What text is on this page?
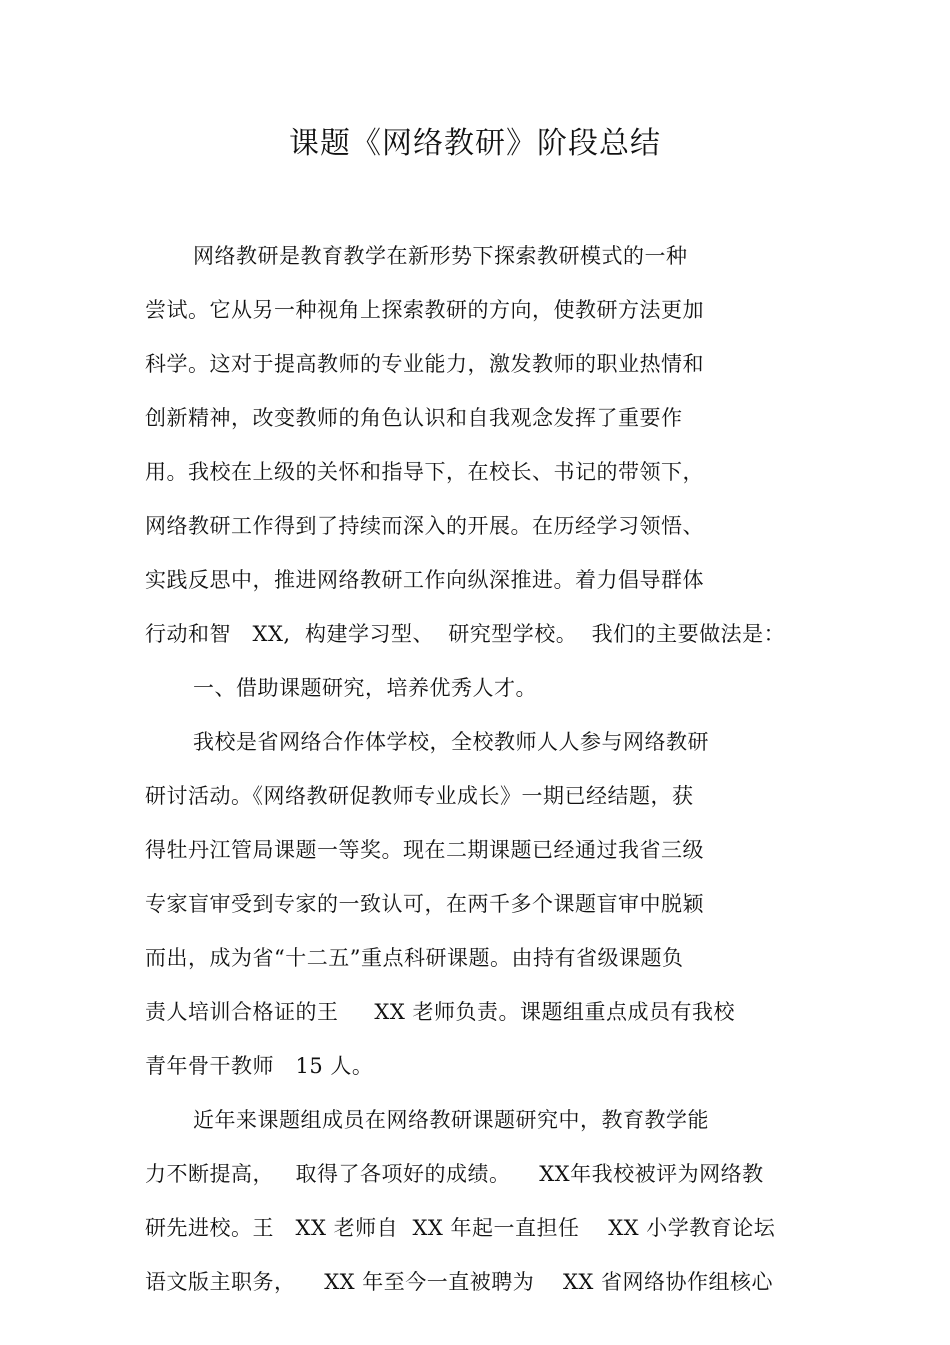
课题《网络教研》阶段总结
网络教研是教育教学在新形势下探索教研模式的一种
尝试。它从另一种视角上探索教研的方向，使教研方法更加
科学。这对于提高教师的专业能力，激发教师的职业热情和
创新精神，改变教师的角色认识和自我观念发挥了重要作
用。我校在上级的关怀和指导下，在校长、书记的带领下，
网络教研工作得到了持续而深入的开展。在历经学习领悟、
实践反思中，推进网络教研工作向纵深推进。着力倡导群体
行动和智   XX,  构建学习型、  研究型学校。  我们的主要做法是：
一、借助课题研究，培养优秀人才。
我校是省网络合作体学校，全校教师人人参与网络教研
研讨活动。《网络教研促教师专业成长》一期已经结题，获
得牡丹江管局课题一等奖。现在二期课题已经通过我省三级
专家盲审受到专家的一致认可，在两千多个课题盲审中脱颖
而出，成为省“十二五”重点科研课题。由持有省级课题负
责人培训合格证的王     XX 老师负责。课题组重点成员有我校
青年骨干教师   15 人。
近年来课题组成员在网络教研课题研究中，教育教学能
力不断提高，   取得了各项好的成绩。    XX年我校被评为网络教
研先进校。王   XX 老师自  XX 年起一直担任    XX 小学教育论坛
语文版主职务，    XX 年至今一直被聘为    XX 省网络协作组核心
